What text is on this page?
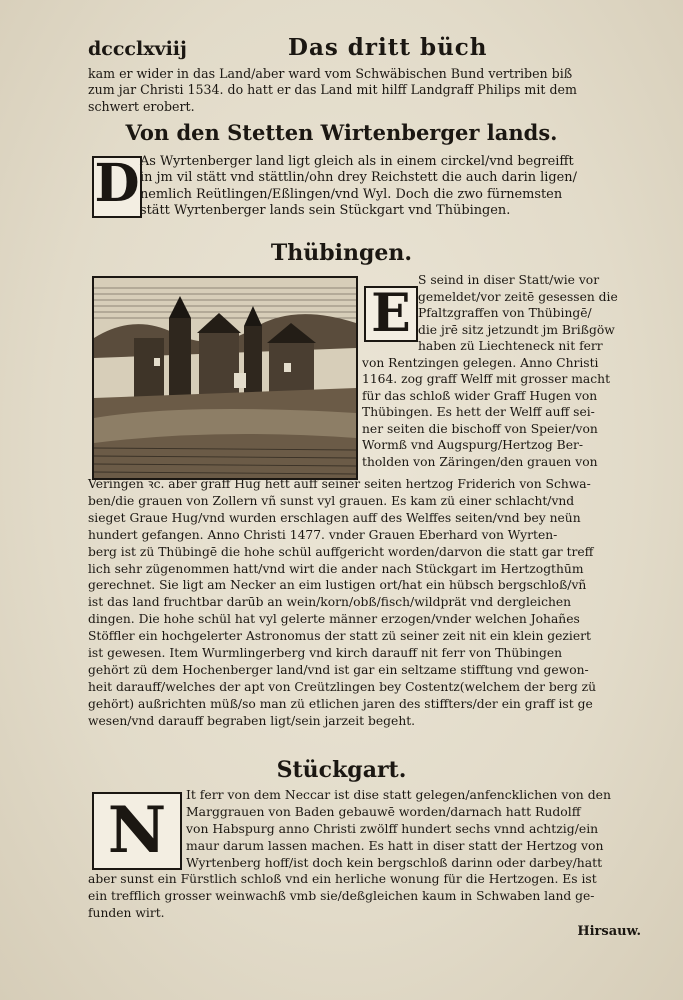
dccclxviij	Das dritt büch
kam er wider in das Land/aber ward vom Schwäbischen Bund vertriben biß
zum jar Christi 1534. do hatt er das Land mit hilff Landgraff Philips mit dem
schwert erobert.
Von den Stetten Wirtenberger lands.
D As Wyrtenberger land ligt gleich als in einem circkel/vnd begreifft
in jm vil stätt vnd stättlin/ohn drey Reichstett die auch darin ligen/
nemlich Reütlingen/Eßlingen/vnd Wyl. Doch die zwo fürnemsten
stätt Wyrtenberger lands sein Stückgart vnd Thübingen.
Thübingen.
E
S seind in diser Statt/wie vor
gemeldet/vor zeitē gesessen die
Pfaltzgraffen von Thübingē/
die jrē sitz jetzundt jm Brißgöw
haben zü Liechteneck nit ferr
von Rentzingen gelegen. Anno Christi
1164. zog graff Welff mit grosser macht
für das schloß wider Graff Hugen von
Thübingen. Es hett der Welff auff sei-
ner seiten die bischoff von Speier/von
Wormß vnd Augspurg/Hertzog Ber-
tholden von Zäringen/den grauen von
Veringen ꝛc. aber graff Hug hett auff seiner seiten hertzog Friderich von Schwa-
ben/die grauen von Zollern vñ sunst vyl grauen. Es kam zü einer schlacht/vnd
sieget Graue Hug/vnd wurden erschlagen auff des Welffes seiten/vnd bey neün
hundert gefangen. Anno Christi 1477. vnder Grauen Eberhard von Wyrten-
berg ist zü Thübingē die hohe schül auffgericht worden/darvon die statt gar treff
lich sehr zügenommen hatt/vnd wirt die ander nach Stückgart im Hertzogthūm
gerechnet. Sie ligt am Necker an eim lustigen ort/hat ein hübsch bergschloß/vñ
ist das land fruchtbar darūb an wein/korn/obß/fisch/wildprät vnd dergleichen
dingen. Die hohe schül hat vyl gelerte männer erzogen/vnder welchen Johañes
Stöffler ein hochgelerter Astronomus der statt zü seiner zeit nit ein klein geziert
ist gewesen. Item Wurmlingerberg vnd kirch darauff nit ferr von Thübingen
gehört zü dem Hochenberger land/vnd ist gar ein seltzame stifftung vnd gewon-
heit darauff/welches der apt von Creützlingen bey Costentz(welchem der berg zü
gehört) außrichten müß/so man zü etlichen jaren des stiffters/der ein graff ist ge
wesen/vnd darauff begraben ligt/sein jarzeit begeht.
Stückgart.
N	It ferr von dem Neccar ist dise statt gelegen/anfencklichen von den
Marggrauen von Baden gebauwē worden/darnach hatt Rudolff
von Habspurg anno Christi zwölff hundert sechs vnnd achtzig/ein
maur darum lassen machen. Es hatt in diser statt der Hertzog von
Wyrtenberg hoff/ist doch kein bergschloß darinn oder darbey/hatt
aber sunst ein Fürstlich schloß vnd ein herliche wonung für die Hertzogen. Es ist
ein trefflich grosser weinwachß vmb sie/deßgleichen kaum in Schwaben land ge-
funden wirt.
Hirsauw.
